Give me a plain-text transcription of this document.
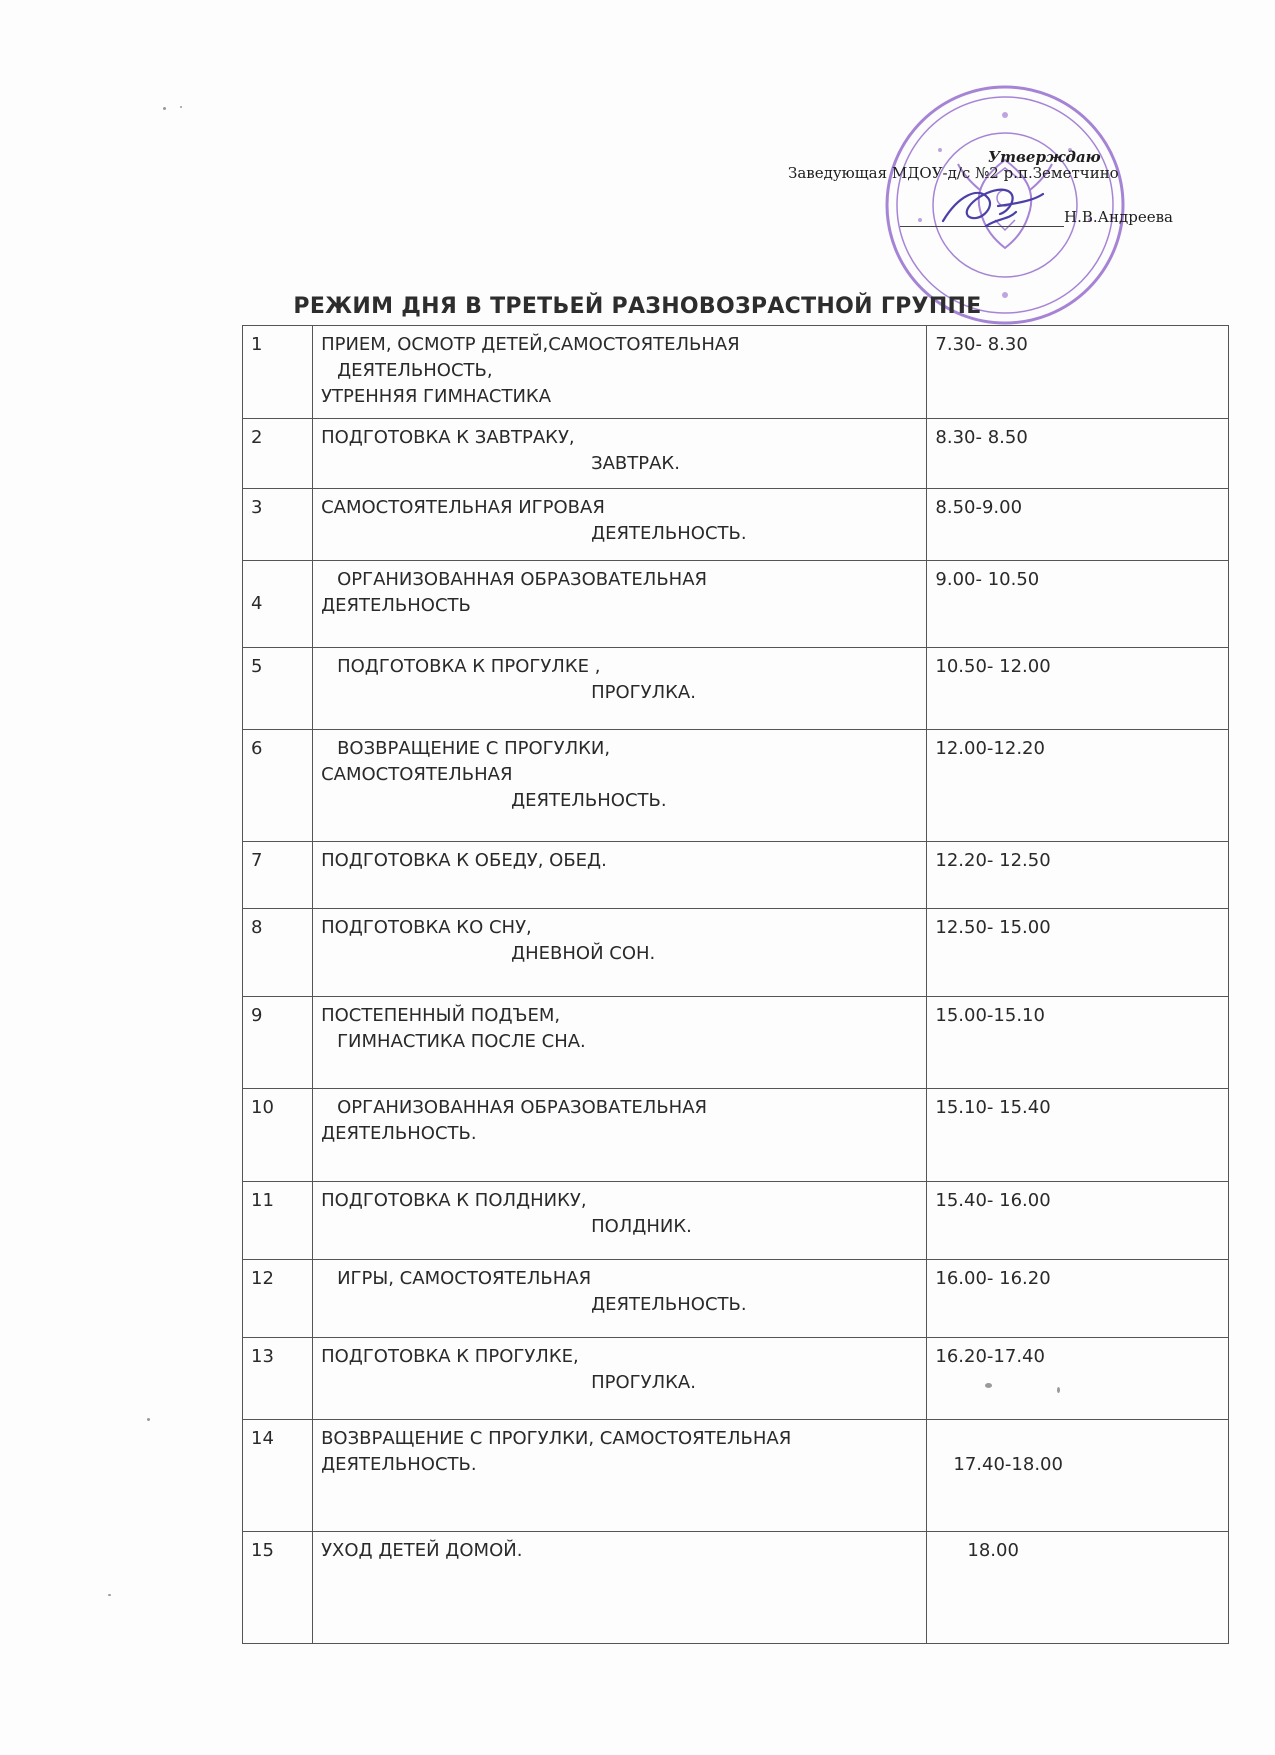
Утверждаю
Заведующая МДОУ-д/с №2 р.п.Земетчино
Н.В.Андреева
РЕЖИМ ДНЯ В ТРЕТЬЕЙ РАЗНОВОЗРАСТНОЙ ГРУППЕ
1	ПРИЕМ, ОСМОТР ДЕТЕЙ,САМОСТОЯТЕЛЬНАЯ
ДЕЯТЕЛЬНОСТЬ,
УТРЕННЯЯ ГИМНАСТИКА	7.30- 8.30
2	ПОДГОТОВКА К ЗАВТРАКУ,
ЗАВТРАК.	8.30- 8.50
3	САМОСТОЯТЕЛЬНАЯ ИГРОВАЯ
ДЕЯТЕЛЬНОСТЬ.	8.50-9.00
4	ОРГАНИЗОВАННАЯ ОБРАЗОВАТЕЛЬНАЯ
ДЕЯТЕЛЬНОСТЬ	9.00- 10.50
5	ПОДГОТОВКА К ПРОГУЛКЕ ,
ПРОГУЛКА.	10.50- 12.00
6	ВОЗВРАЩЕНИЕ С ПРОГУЛКИ,
САМОСТОЯТЕЛЬНАЯ
ДЕЯТЕЛЬНОСТЬ.	12.00-12.20
7	ПОДГОТОВКА К ОБЕДУ, ОБЕД.	12.20- 12.50
8	ПОДГОТОВКА КО СНУ,
ДНЕВНОЙ СОН.	12.50- 15.00
9	ПОСТЕПЕННЫЙ ПОДЪЕМ,
ГИМНАСТИКА ПОСЛЕ СНА.	15.00-15.10
10	ОРГАНИЗОВАННАЯ ОБРАЗОВАТЕЛЬНАЯ
ДЕЯТЕЛЬНОСТЬ.	15.10- 15.40
11	ПОДГОТОВКА К ПОЛДНИКУ,
ПОЛДНИК.	15.40- 16.00
12	ИГРЫ, САМОСТОЯТЕЛЬНАЯ
ДЕЯТЕЛЬНОСТЬ.	16.00- 16.20
13	ПОДГОТОВКА К ПРОГУЛКЕ,
ПРОГУЛКА.	16.20-17.40
14	ВОЗВРАЩЕНИЕ С ПРОГУЛКИ, САМОСТОЯТЕЛЬНАЯ
ДЕЯТЕЛЬНОСТЬ.	17.40-18.00
15	УХОД ДЕТЕЙ ДОМОЙ.	18.00
